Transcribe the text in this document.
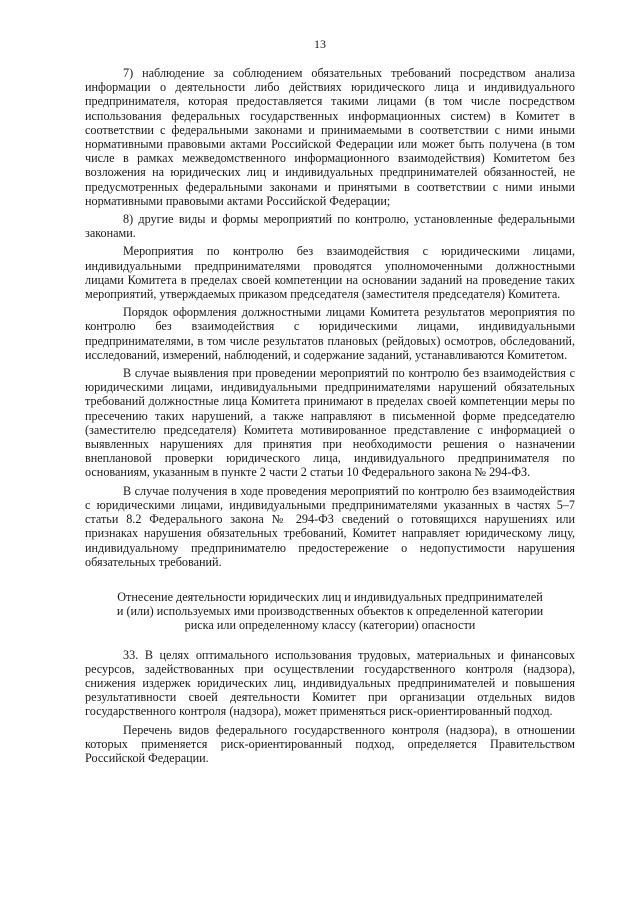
13

7) наблюдение за соблюдением обязательных требований посредством анализа информации о деятельности либо действиях юридического лица и индивидуального предпринимателя, которая предоставляется такими лицами (в том числе посредством использования федеральных государственных информационных систем) в Комитет в соответствии с федеральными законами и принимаемыми в соответствии с ними иными нормативными правовыми актами Российской Федерации или может быть получена (в том числе в рамках межведомственного информационного взаимодействия) Комитетом без возложения на юридических лиц и индивидуальных предпринимателей обязанностей, не предусмотренных федеральными законами и принятыми в соответствии с ними иными нормативными правовыми актами Российской Федерации;

8) другие виды и формы мероприятий по контролю, установленные федеральными законами.

Мероприятия по контролю без взаимодействия с юридическими лицами, индивидуальными предпринимателями проводятся уполномоченными должностными лицами Комитета в пределах своей компетенции на основании заданий на проведение таких мероприятий, утверждаемых приказом председателя (заместителя председателя) Комитета.

Порядок оформления должностными лицами Комитета результатов мероприятия по контролю без взаимодействия с юридическими лицами, индивидуальными предпринимателями, в том числе результатов плановых (рейдовых) осмотров, обследований, исследований, измерений, наблюдений, и содержание заданий, устанавливаются Комитетом.

В случае выявления при проведении мероприятий по контролю без взаимодействия с юридическими лицами, индивидуальными предпринимателями нарушений обязательных требований должностные лица Комитета принимают в пределах своей компетенции меры по пресечению таких нарушений, а также направляют в письменной форме председателю (заместителю председателя) Комитета мотивированное представление с информацией о выявленных нарушениях для принятия при необходимости решения о назначении внеплановой проверки юридического лица, индивидуального предпринимателя по основаниям, указанным в пункте 2 части 2 статьи 10 Федерального закона № 294-ФЗ.

В случае получения в ходе проведения мероприятий по контролю без взаимодействия с юридическими лицами, индивидуальными предпринимателями указанных в частях 5–7 статьи 8.2 Федерального закона № 294-ФЗ сведений о готовящихся нарушениях или признаках нарушения обязательных требований, Комитет направляет юридическому лицу, индивидуальному предпринимателю предостережение о недопустимости нарушения обязательных требований.

Отнесение деятельности юридических лиц и индивидуальных предпринимателей
и (или) используемых ими производственных объектов к определенной категории
риска или определенному классу (категории) опасности

33. В целях оптимального использования трудовых, материальных и финансовых ресурсов, задействованных при осуществлении государственного контроля (надзора), снижения издержек юридических лиц, индивидуальных предпринимателей и повышения результативности своей деятельности Комитет при организации отдельных видов государственного контроля (надзора), может применяться риск-ориентированный подход.

Перечень видов федерального государственного контроля (надзора), в отношении которых применяется риск-ориентированный подход, определяется Правительством Российской Федерации.
